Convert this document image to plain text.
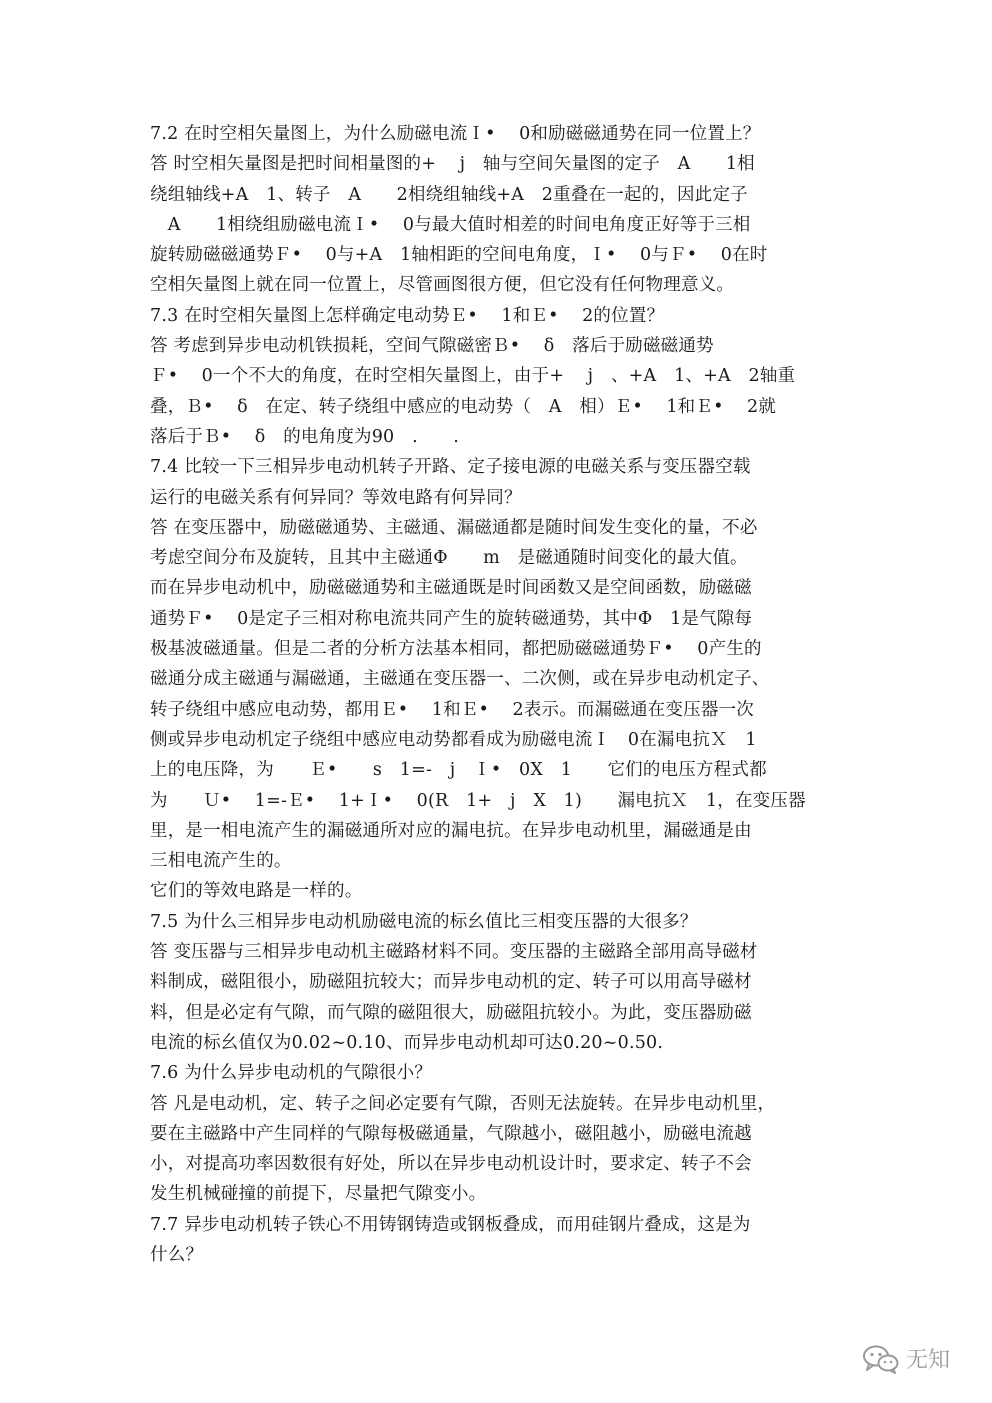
7.2 在时空相矢量图上，为什么励磁电流Ｉ•　 0和励磁磁通势在同一位置上？
答 时空相矢量图是把时间相量图的+　 j　轴与空间矢量图的定子　A　　1相
绕组轴线+A　1、转子　A　　2相绕组轴线+A　2重叠在一起的，因此定子
　A　　1相绕组励磁电流Ｉ•　 0与最大值时相差的时间电角度正好等于三相
旋转励磁磁通势Ｆ•　 0与+A　1轴相距的空间电角度，Ｉ•　 0与Ｆ•　 0在时
空相矢量图上就在同一位置上，尽管画图很方便，但它没有任何物理意义。
7.3 在时空相矢量图上怎样确定电动势Ｅ•　 1和Ｅ•　 2的位置？
答 考虑到异步电动机铁损耗，空间气隙磁密Ｂ•　 δ　落后于励磁磁通势
Ｆ•　 0一个不大的角度，在时空相矢量图上，由于+　 j　、+A　1、+A　2轴重
叠，Ｂ•　 δ　在定、转子绕组中感应的电动势（　A　相）Ｅ•　 1和Ｅ•　 2就
落后于Ｂ•　 δ　的电角度为90　.　　.
7.4 比较一下三相异步电动机转子开路、定子接电源的电磁关系与变压器空载
运行的电磁关系有何异同？等效电路有何异同？
答 在变压器中，励磁磁通势、主磁通、漏磁通都是随时间发生变化的量，不必
考虑空间分布及旋转，且其中主磁通Φ　　m　是磁通随时间变化的最大值。
而在异步电动机中，励磁磁通势和主磁通既是时间函数又是空间函数，励磁磁
通势Ｆ•　 0是定子三相对称电流共同产生的旋转磁通势，其中Φ　1是气隙每
极基波磁通量。但是二者的分析方法基本相同，都把励磁磁通势Ｆ•　 0产生的
磁通分成主磁通与漏磁通，主磁通在变压器一、二次侧，或在异步电动机定子、
转子绕组中感应电动势，都用Ｅ•　 1和Ｅ•　 2表示。而漏磁通在变压器一次
侧或异步电动机定子绕组中感应电动势都看成为励磁电流Ｉ　0在漏电抗Ｘ　1
上的电压降，为　　Ｅ•　　s　1=-　j　Ｉ•　0X　1　　它们的电压方程式都
为　　Ｕ•　 1=-Ｅ•　 1+Ｉ•　 0(R　1+　j　X　1)　　漏电抗Ｘ　1，在变压器
里，是一相电流产生的漏磁通所对应的漏电抗。在异步电动机里，漏磁通是由
三相电流产生的。
它们的等效电路是一样的。
7.5 为什么三相异步电动机励磁电流的标幺值比三相变压器的大很多？
答 变压器与三相异步电动机主磁路材料不同。变压器的主磁路全部用高导磁材
料制成，磁阻很小，励磁阻抗较大；而异步电动机的定、转子可以用高导磁材
料，但是必定有气隙，而气隙的磁阻很大，励磁阻抗较小。为此，变压器励磁
电流的标幺值仅为0.02~0.10、而异步电动机却可达0.20~0.50.
7.6 为什么异步电动机的气隙很小？
答 凡是电动机，定、转子之间必定要有气隙，否则无法旋转。在异步电动机里，
要在主磁路中产生同样的气隙每极磁通量，气隙越小，磁阻越小，励磁电流越
小，对提高功率因数很有好处，所以在异步电动机设计时，要求定、转子不会
发生机械碰撞的前提下，尽量把气隙变小。
7.7 异步电动机转子铁心不用铸钢铸造或钢板叠成，而用硅钢片叠成，这是为
什么？
无知
